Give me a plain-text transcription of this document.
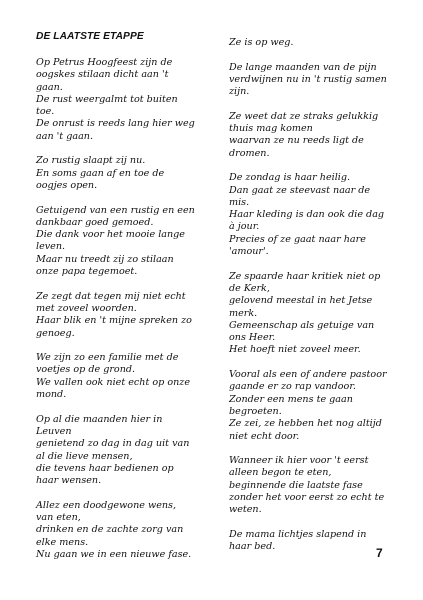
DE LAATSTE ETAPPE
Op Petrus Hoogfeest zijn de
oogskes stilaan dicht aan 't
gaan.
De rust weergalmt tot buiten
toe.
De onrust is reeds lang hier weg
aan 't gaan.
Zo rustig slaapt zij nu.
En soms gaan af en toe de
oogjes open.
Getuigend van een rustig en een
dankbaar goed gemoed.
Die dank voor het mooie lange
leven.
Maar nu treedt zij zo stilaan
onze papa tegemoet.
Ze zegt dat tegen mij niet echt
met zoveel woorden.
Haar blik en 't mijne spreken zo
genoeg.
We zijn zo een familie met de
voetjes op de grond.
We vallen ook niet echt op onze
mond.
Op al die maanden hier in
Leuven
genietend zo dag in dag uit van
al die lieve mensen,
die tevens haar bedienen op
haar wensen.
Allez een doodgewone wens,
van eten,
drinken en de zachte zorg van
elke mens.
Nu gaan we in een nieuwe fase.
Ze is op weg.
De lange maanden van de pijn
verdwijnen nu in 't rustig samen
zijn.
Ze weet dat ze straks gelukkig
thuis mag komen
waarvan ze nu reeds ligt de
dromen.
De zondag is haar heilig.
Dan gaat ze steevast naar de
mis.
Haar kleding is dan ook die dag
à jour.
Precies of ze gaat naar hare
'amour'.
Ze spaarde haar kritiek niet op
de Kerk,
gelovend meestal in het Jetse
merk.
Gemeenschap als getuige van
ons Heer.
Het hoeft niet zoveel meer.
Vooral als een of andere pastoor
gaande er zo rap vandoor.
Zonder een mens te gaan
begroeten.
Ze zei, ze hebben het nog altijd
niet echt door.
Wanneer ik hier voor 't eerst
alleen begon te eten,
beginnende die laatste fase
zonder het voor eerst zo echt te
weten.
De mama lichtjes slapend in
haar bed.	7
